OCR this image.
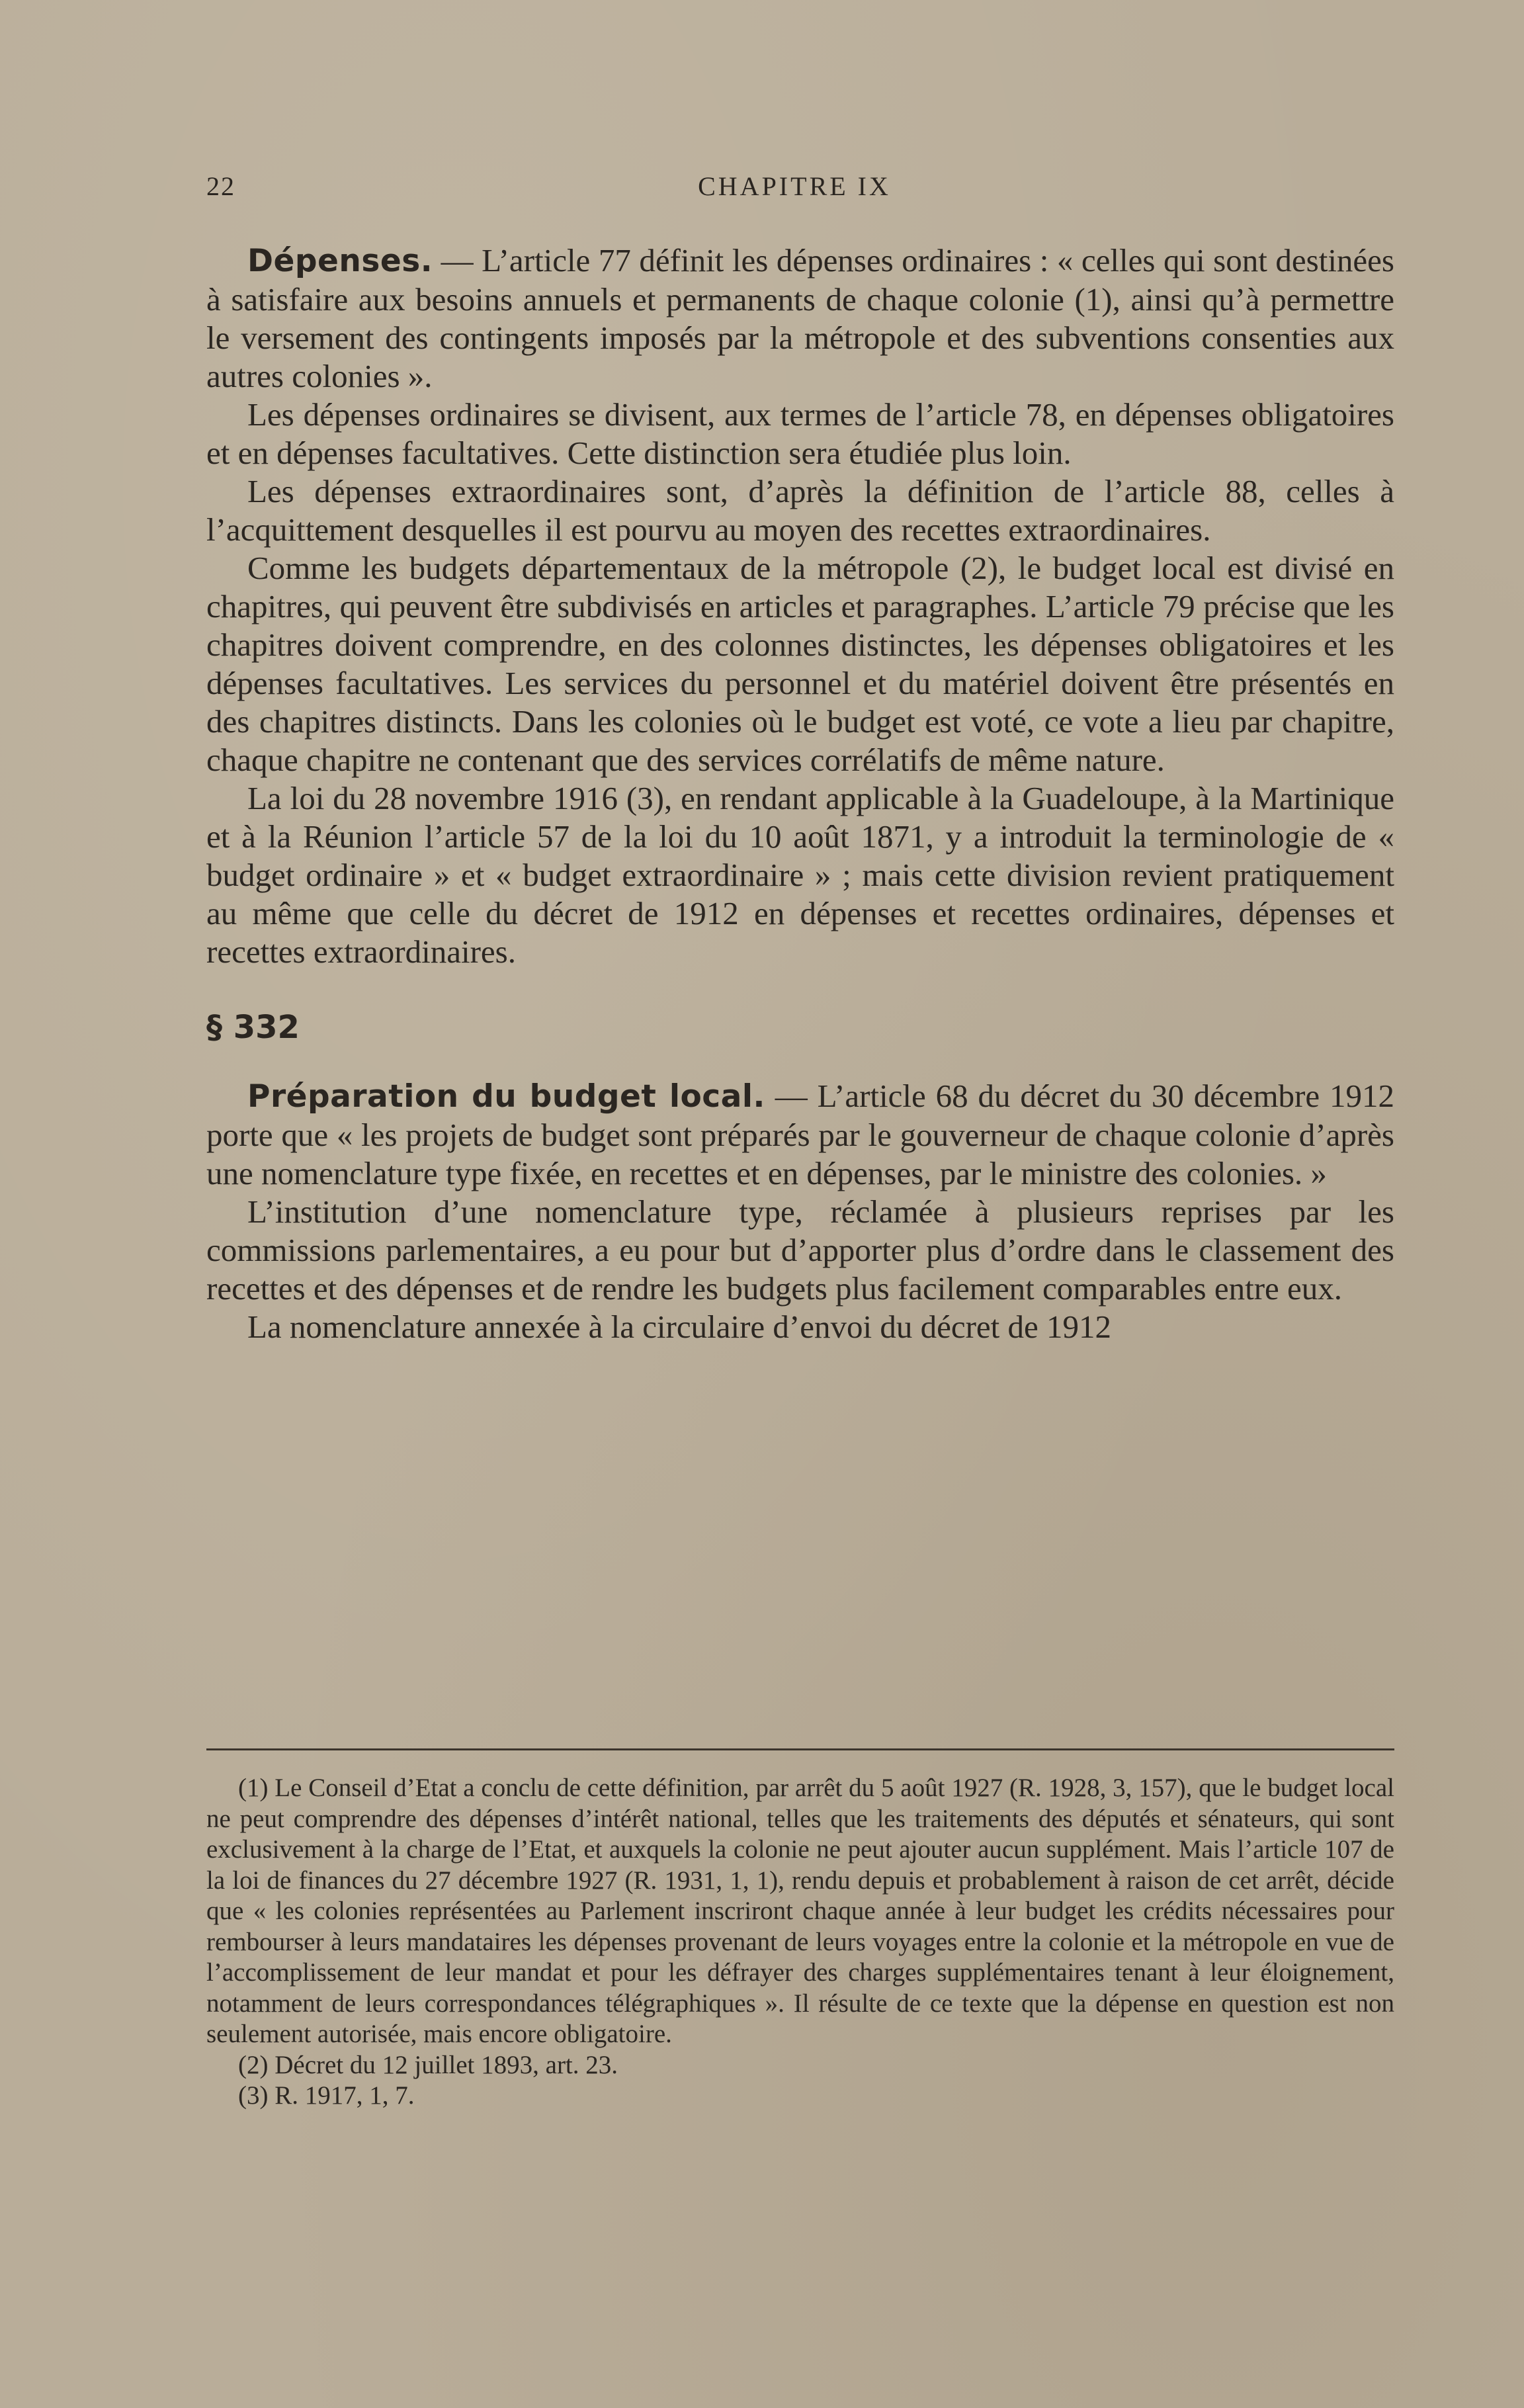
22	CHAPITRE IX

Dépenses. — L’article 77 définit les dépenses ordinaires : « celles qui sont destinées à satisfaire aux besoins annuels et permanents de chaque colonie (1), ainsi qu’à permettre le versement des contingents imposés par la métropole et des subventions consenties aux autres colonies ».

Les dépenses ordinaires se divisent, aux termes de l’article 78, en dépenses obligatoires et en dépenses facultatives. Cette distinction sera étudiée plus loin.

Les dépenses extraordinaires sont, d’après la définition de l’article 88, celles à l’acquittement desquelles il est pourvu au moyen des recettes extraordinaires.

Comme les budgets départementaux de la métropole (2), le budget local est divisé en chapitres, qui peuvent être subdivisés en articles et paragraphes. L’article 79 précise que les chapitres doivent comprendre, en des colonnes distinctes, les dépenses obligatoires et les dépenses facultatives. Les services du personnel et du matériel doivent être présentés en des chapitres distincts. Dans les colonies où le budget est voté, ce vote a lieu par chapitre, chaque chapitre ne contenant que des services corrélatifs de même nature.

La loi du 28 novembre 1916 (3), en rendant applicable à la Guadeloupe, à la Martinique et à la Réunion l’article 57 de la loi du 10 août 1871, y a introduit la terminologie de « budget ordinaire » et « budget extraordinaire » ; mais cette division revient pratiquement au même que celle du décret de 1912 en dépenses et recettes ordinaires, dépenses et recettes extraordinaires.

§ 332

Préparation du budget local. — L’article 68 du décret du 30 décembre 1912 porte que « les projets de budget sont préparés par le gouverneur de chaque colonie d’après une nomenclature type fixée, en recettes et en dépenses, par le ministre des colonies. »

L’institution d’une nomenclature type, réclamée à plusieurs reprises par les commissions parlementaires, a eu pour but d’apporter plus d’ordre dans le classement des recettes et des dépenses et de rendre les budgets plus facilement comparables entre eux.

La nomenclature annexée à la circulaire d’envoi du décret de 1912

(1) Le Conseil d’Etat a conclu de cette définition, par arrêt du 5 août 1927 (R. 1928, 3, 157), que le budget local ne peut comprendre des dépenses d’intérêt national, telles que les traitements des députés et sénateurs, qui sont exclusivement à la charge de l’Etat, et auxquels la colonie ne peut ajouter aucun supplément. Mais l’article 107 de la loi de finances du 27 décembre 1927 (R. 1931, 1, 1), rendu depuis et probablement à raison de cet arrêt, décide que « les colonies représentées au Parlement inscriront chaque année à leur budget les crédits nécessaires pour rembourser à leurs mandataires les dépenses provenant de leurs voyages entre la colonie et la métropole en vue de l’accomplissement de leur mandat et pour les défrayer des charges supplémentaires tenant à leur éloignement, notamment de leurs correspondances télégraphiques ». Il résulte de ce texte que la dépense en question est non seulement autorisée, mais encore obligatoire.

(2) Décret du 12 juillet 1893, art. 23.

(3) R. 1917, 1, 7.
